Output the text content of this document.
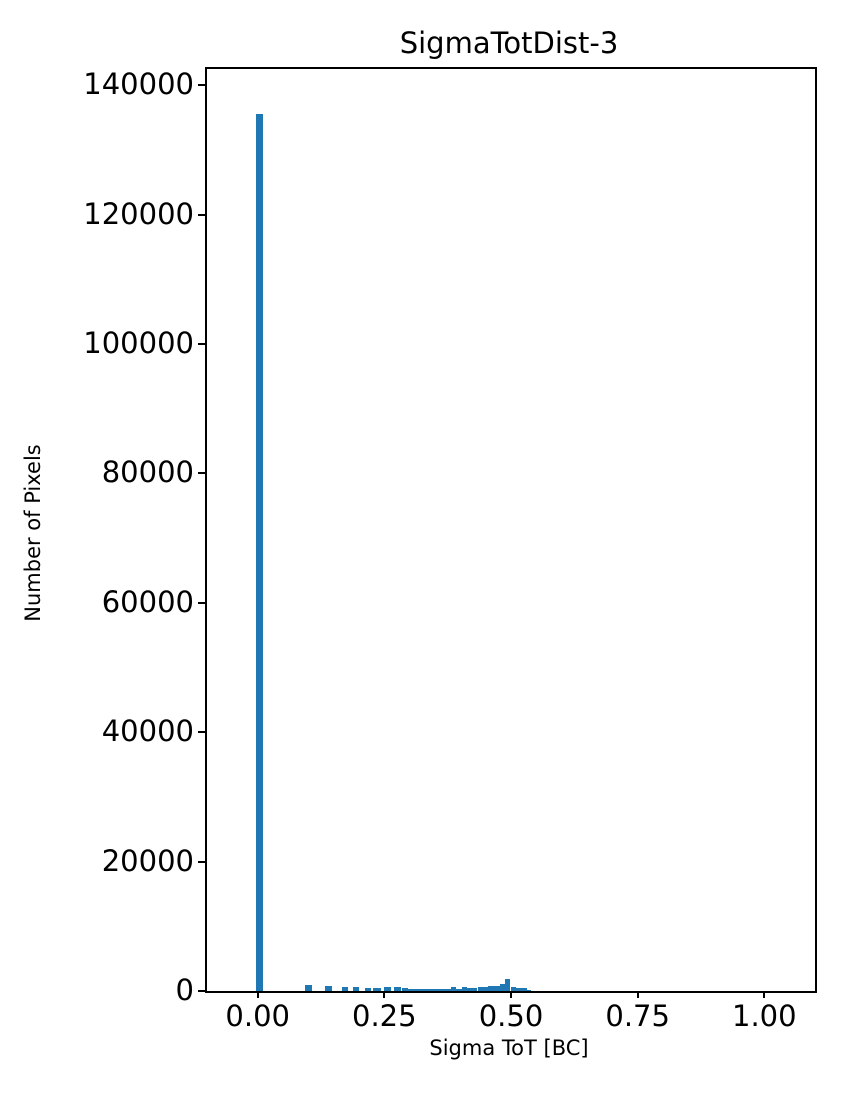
SigmaTotDist-3
Number of Pixels
0.00	0.25	0.50	0.75	1.00
0
20000
40000
60000
80000
100000
120000
140000
Sigma ToT [BC]
